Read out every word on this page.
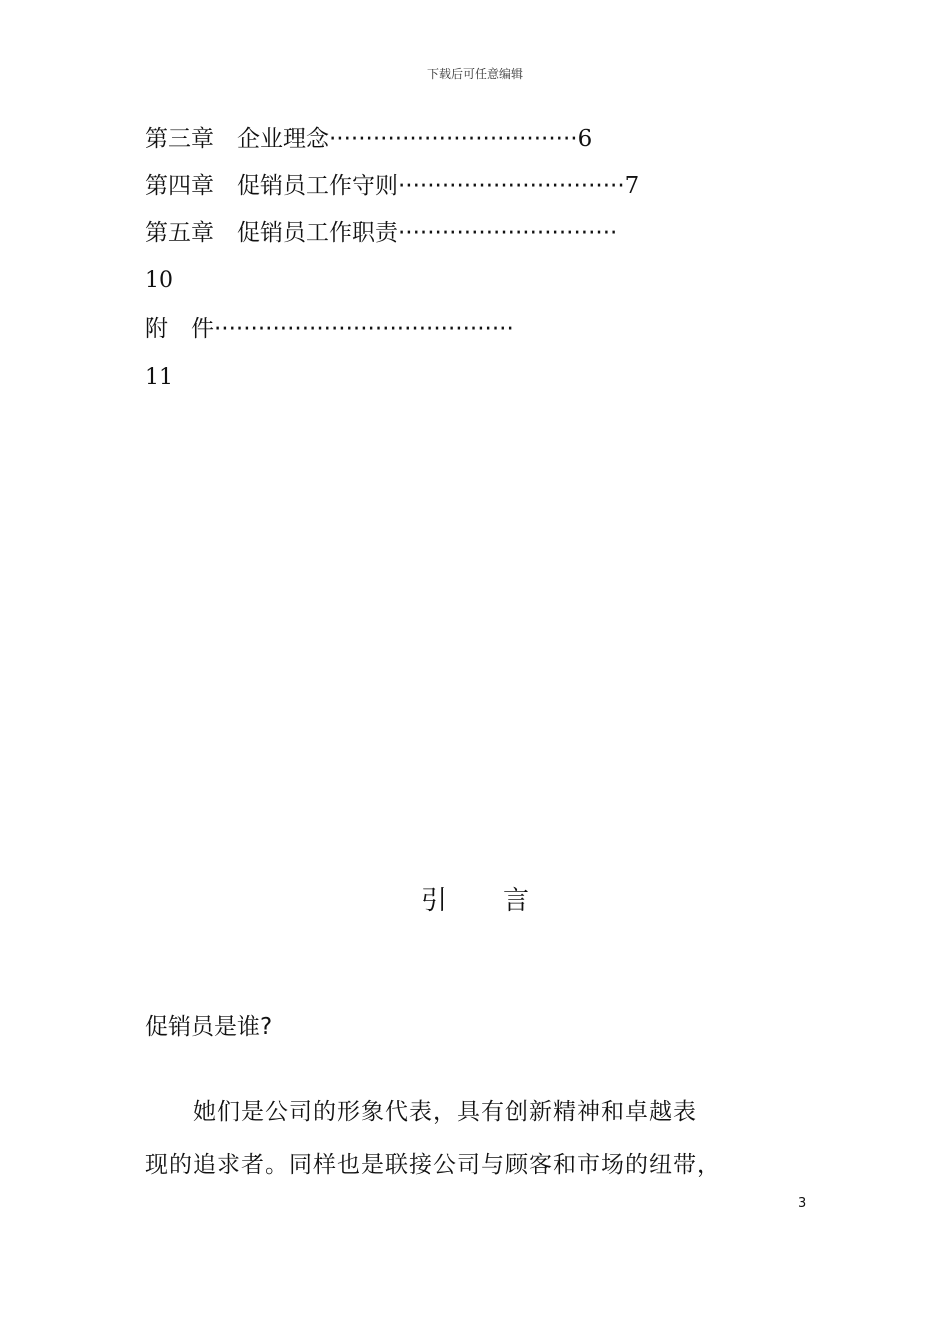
下载后可任意编辑
第三章　企业理念··································6
第四章　促销员工作守则·······························7
第五章　促销员工作职责······························
10
附　件·········································
11
引言
促销员是谁?
　　她们是公司的形象代表，具有创新精神和卓越表
现的追求者。同样也是联接公司与顾客和市场的纽带，
3
